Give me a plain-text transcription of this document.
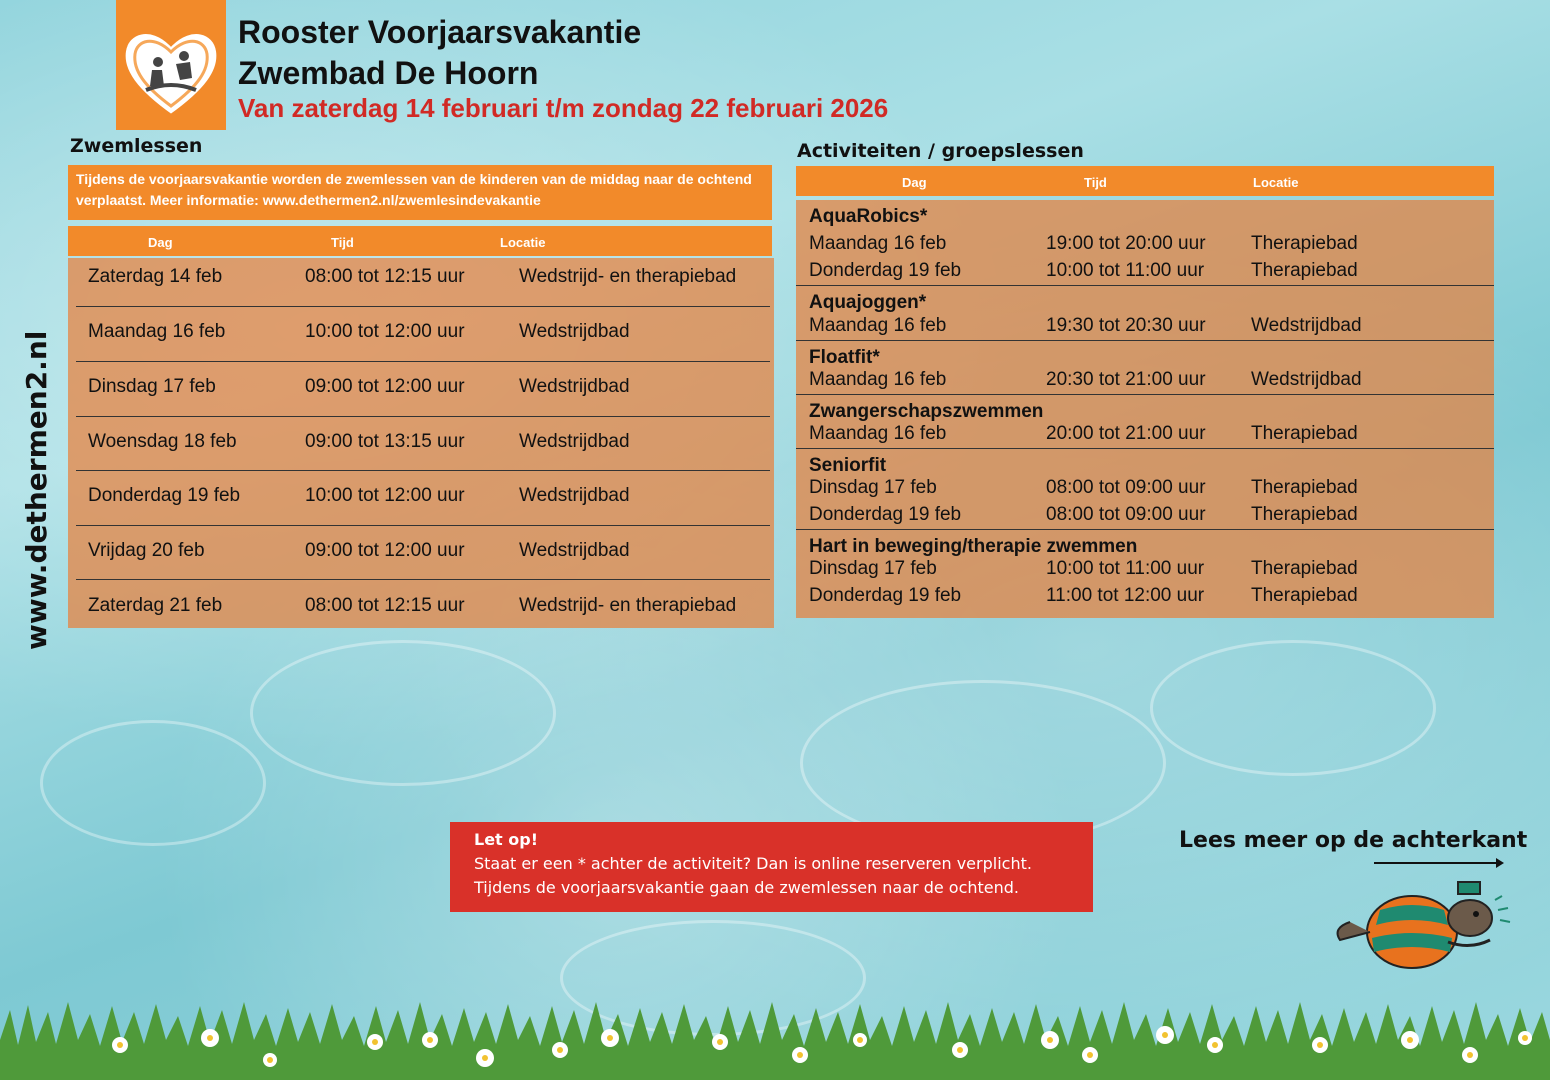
Rooster Voorjaarsvakantie
Zwembad De Hoorn
Van zaterdag 14 februari t/m zondag 22 februari 2026
www.dethermen2.nl
Zwemlessen
Tijdens de voorjaarsvakantie worden de zwemlessen van de kinderen van de middag naar de ochtend verplaatst. Meer informatie: www.dethermen2.nl/zwemlesindevakantie
Dag	Tijd	Locatie
Zaterdag 14 feb	08:00 tot 12:15 uur	Wedstrijd- en therapiebad
Maandag 16 feb	10:00 tot 12:00 uur	Wedstrijdbad
Dinsdag 17 feb	09:00 tot 12:00 uur	Wedstrijdbad
Woensdag 18 feb	09:00 tot 13:15 uur	Wedstrijdbad
Donderdag 19 feb	10:00 tot 12:00 uur	Wedstrijdbad
Vrijdag 20 feb	09:00 tot 12:00 uur	Wedstrijdbad
Zaterdag 21 feb	08:00 tot 12:15 uur	Wedstrijd- en therapiebad
Activiteiten / groepslessen
Dag	Tijd	Locatie
AquaRobics*
Maandag 16 feb	19:00 tot 20:00 uur Therapiebad
Donderdag 19 feb	10:00 tot 11:00 uur Therapiebad
Aquajoggen*
Maandag 16 feb	19:30 tot 20:30 uur Wedstrijdbad
Floatfit*
Maandag 16 feb	20:30 tot 21:00 uur Wedstrijdbad
Zwangerschapszwemmen
Maandag 16 feb	20:00 tot 21:00 uur Therapiebad
Seniorfit
Dinsdag 17 feb	08:00 tot 09:00 uur Therapiebad
Donderdag 19 feb	08:00 tot 09:00 uur Therapiebad
Hart in beweging/therapie zwemmen
Dinsdag 17 feb	10:00 tot 11:00 uur Therapiebad
Donderdag 19 feb	11:00 tot 12:00 uur Therapiebad
Let op!
Staat er een * achter de activiteit? Dan is online reserveren verplicht.
Tijdens de voorjaarsvakantie gaan de zwemlessen naar de ochtend.
Lees meer op de achterkant
